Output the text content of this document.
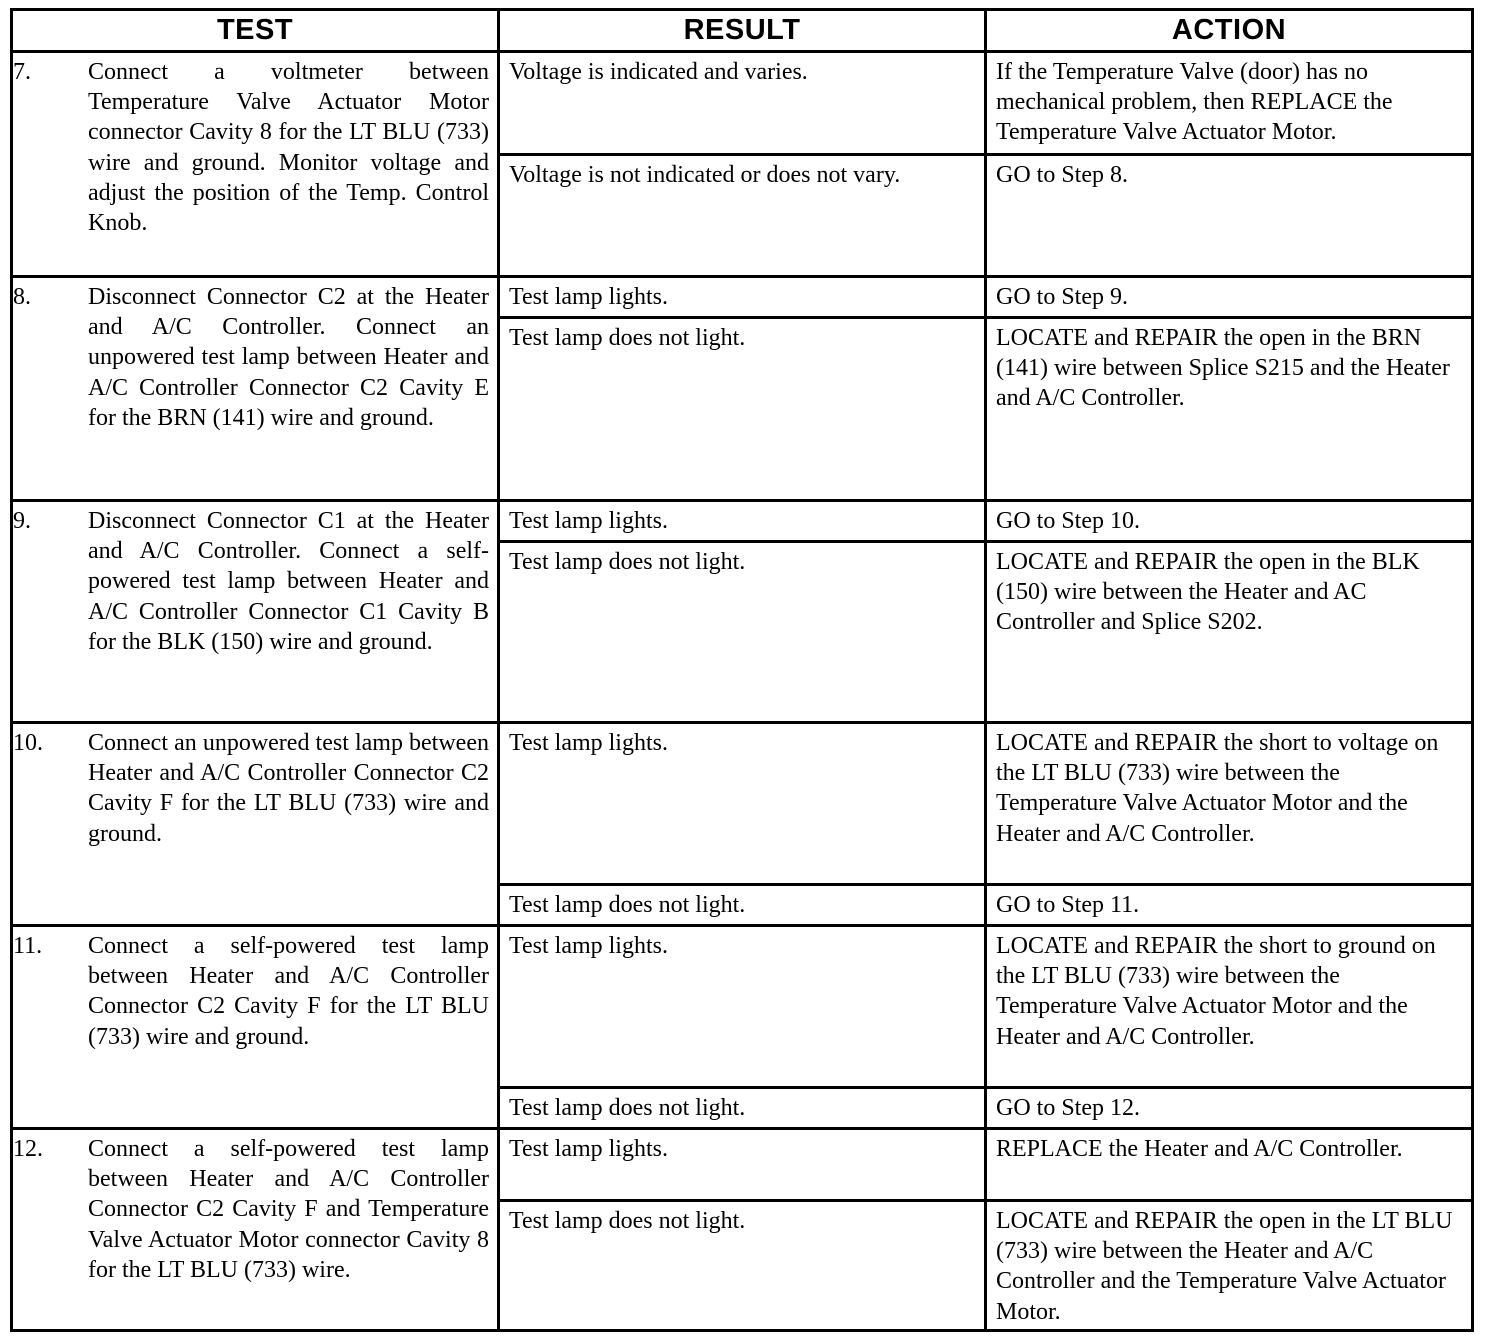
TEST	RESULT	ACTION

7. Connect a voltmeter between Temperature Valve Actuator Motor connector Cavity 8 for the LT BLU (733) wire and ground. Monitor voltage and adjust the position of the Temp. Control Knob.	Voltage is indicated and varies.	If the Temperature Valve (door) has no mechanical problem, then REPLACE the Temperature Valve Actuator Motor.
	Voltage is not indicated or does not vary.	GO to Step 8.

8. Disconnect Connector C2 at the Heater and A/C Controller. Connect an unpowered test lamp between Heater and A/C Controller Connector C2 Cavity E for the BRN (141) wire and ground.	Test lamp lights.	GO to Step 9.
	Test lamp does not light.	LOCATE and REPAIR the open in the BRN (141) wire between Splice S215 and the Heater and A/C Controller.

9. Disconnect Connector C1 at the Heater and A/C Controller. Connect a self-powered test lamp between Heater and A/C Controller Connector C1 Cavity B for the BLK (150) wire and ground.	Test lamp lights.	GO to Step 10.
	Test lamp does not light.	LOCATE and REPAIR the open in the BLK (150) wire between the Heater and AC Controller and Splice S202.

10. Connect an unpowered test lamp between Heater and A/C Controller Connector C2 Cavity F for the LT BLU (733) wire and ground.	Test lamp lights.	LOCATE and REPAIR the short to voltage on the LT BLU (733) wire between the Temperature Valve Actuator Motor and the Heater and A/C Controller.
	Test lamp does not light.	GO to Step 11.

11. Connect a self-powered test lamp between Heater and A/C Controller Connector C2 Cavity F for the LT BLU (733) wire and ground.	Test lamp lights.	LOCATE and REPAIR the short to ground on the LT BLU (733) wire between the Temperature Valve Actuator Motor and the Heater and A/C Controller.
	Test lamp does not light.	GO to Step 12.

12. Connect a self-powered test lamp between Heater and A/C Controller Connector C2 Cavity F and Temperature Valve Actuator Motor connector Cavity 8 for the LT BLU (733) wire.	Test lamp lights.	REPLACE the Heater and A/C Controller.
	Test lamp does not light.	LOCATE and REPAIR the open in the LT BLU (733) wire between the Heater and A/C Controller and the Temperature Valve Actuator Motor.
